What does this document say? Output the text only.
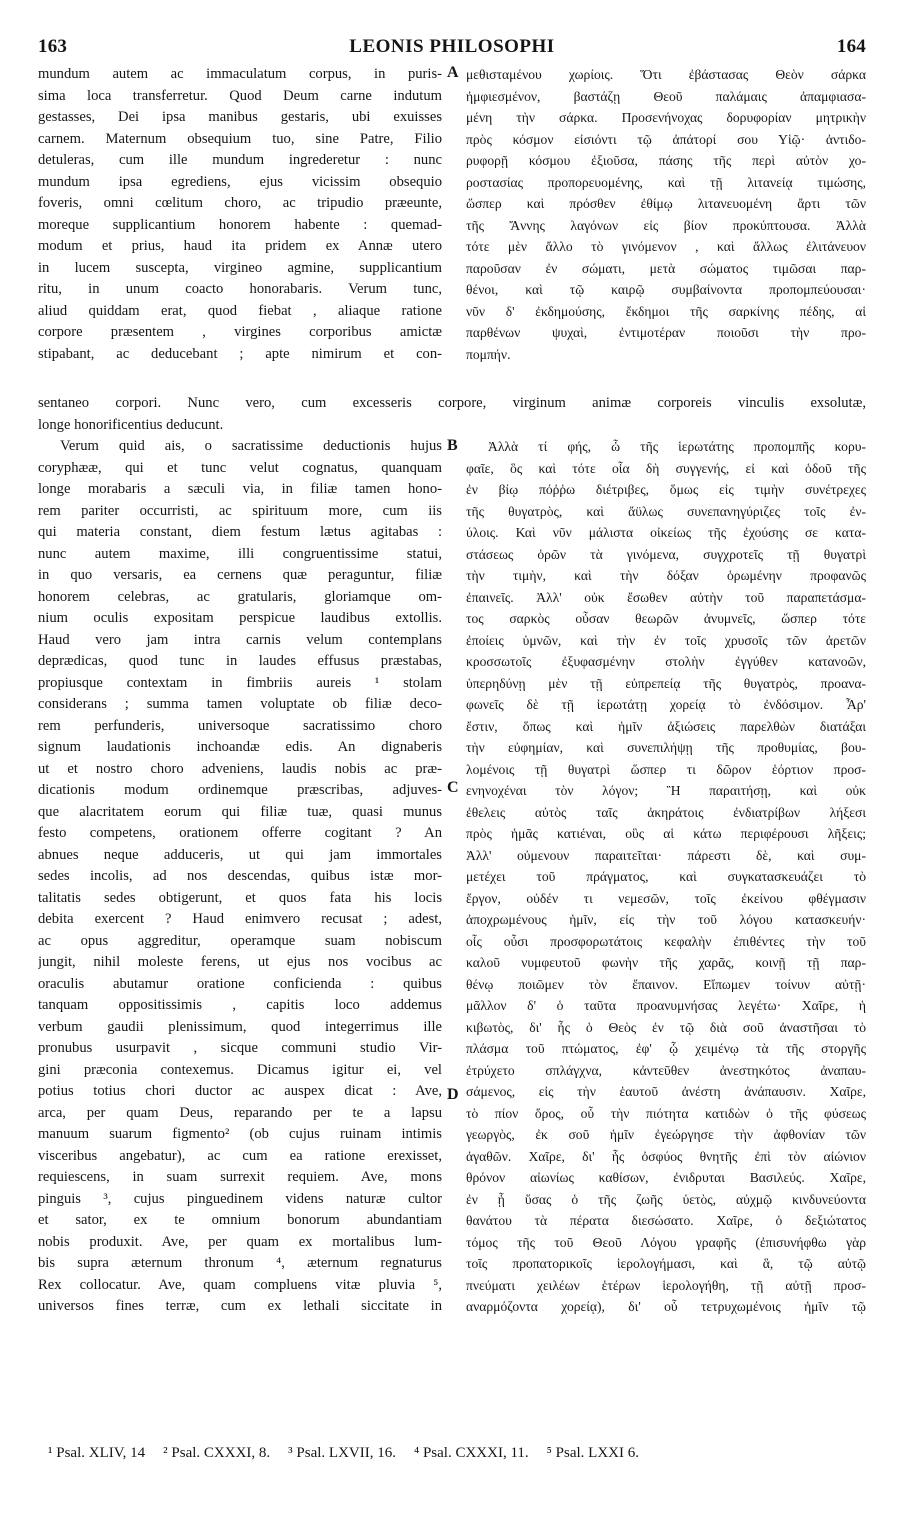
163	LEONIS PHILOSOPHI	164
A
B
C
D
mundum autem ac immaculatum corpus, in puris-
sima loca transferretur. Quod Deum carne indutum
gestasses, Dei ipsa manibus gestaris, ubi exuisses
carnem. Maternum obsequium tuo, sine Patre, Filio
detuleras, cum ille mundum ingrederetur : nunc
mundum ipsa egrediens, ejus vicissim obsequio
foveris, omni cœlitum choro, ac tripudio præeunte,
moreque supplicantium honorem habente : quemad-
modum et prius, haud ita pridem ex Annæ utero
in lucem suscepta, virgineo agmine, supplicantium
ritu, in unum coacto honorabaris. Verum tunc,
aliud quiddam erat, quod fiebat , aliaque ratione
corpore præsentem , virgines corporibus amictæ
stipabant, ac deducebant ; apte nimirum et con-
μεθισταμένου χωρίοις. Ὅτι ἐβάστασας Θεὸν σάρκα
ἠμφιεσμένον, βαστάζῃ Θεοῦ παλάμαις ἀπαμφιασα-
μένη τὴν σάρκα. Προσενήνοχας δορυφορίαν μητρικὴν
πρὸς κόσμον εἰσιόντι τῷ ἀπάτορί σου Υἱῷ· ἀντιδο-
ρυφορῇ κόσμου ἐξιοῦσα, πάσης τῆς περὶ αὐτὸν χο-
ροστασίας προπορευομένης, καὶ τῇ λιτανείᾳ τιμώσης,
ὥσπερ καὶ πρόσθεν ἐθίμῳ λιτανευομένη ἄρτι τῶν
τῆς Ἄννης λαγόνων εἰς βίον προκύπτουσα. Ἀλλὰ
τότε μὲν ἄλλο τὸ γινόμενον , καὶ ἄλλως ἐλιτάνευον
παροῦσαν ἐν σώματι, μετὰ σώματος τιμῶσαι παρ-
θένοι, καὶ τῷ καιρῷ συμβαίνοντα προπομπεύουσαι·
νῦν δ' ἐκδημούσης, ἔκδημοι τῆς σαρκίνης πέδης, αἱ
παρθένων ψυχαὶ, ἐντιμοτέραν ποιοῦσι τὴν προ-
πομπήν.
sentaneo corpori. Nunc vero, cum excesseris corpore, virginum animæ corporeis vinculis exsolutæ,
longe honorificentius deducunt.
Verum quid ais, o sacratissime deductionis hujus
coryphææ, qui et tunc velut cognatus, quanquam
longe morabaris a sæculi via, in filiæ tamen hono-
rem pariter occurristi, ac spirituum more, cum iis
qui materia constant, diem festum lætus agitabas :
nunc autem maxime, illi congruentissime statui,
in quo versaris, ea cernens quæ peraguntur, filiæ
honorem celebras, ac gratularis, gloriamque om-
nium oculis expositam perspicue laudibus extollis.
Haud vero jam intra carnis velum contemplans
deprædicas, quod tunc in laudes effusus præstabas,
propiusque contextam in fimbriis aureis ¹ stolam
considerans ; summa tamen voluptate ob filiæ deco-
rem perfunderis, universoque sacratissimo choro
signum laudationis inchoandæ edis. An dignaberis
ut et nostro choro adveniens, laudis nobis ac præ-
dicationis modum ordinemque præscribas, adjuves-
que alacritatem eorum qui filiæ tuæ, quasi munus
festo competens, orationem offerre cogitant ? An
abnues neque adduceris, ut qui jam immortales
sedes incolis, ad nos descendas, quibus istæ mor-
talitatis sedes obtigerunt, et quos fata his locis
debita exercent ? Haud enimvero recusat ; adest,
ac opus aggreditur, operamque suam nobiscum
jungit, nihil moleste ferens, ut ejus nos vocibus ac
oraculis abutamur oratione conficienda : quibus
tanquam oppositissimis , capitis loco addemus
verbum gaudii plenissimum, quod integerrimus ille
pronubus usurpavit , sicque communi studio Vir-
gini præconia contexemus. Dicamus igitur ei, vel
potius totius chori ductor ac auspex dicat : Ave,
arca, per quam Deus, reparando per te a lapsu
manuum suarum figmento² (ob cujus ruinam intimis
visceribus angebatur), ac cum ea ratione erexisset,
requiescens, in suam surrexit requiem. Ave, mons
pinguis ³, cujus pinguedinem videns naturæ cultor
et sator, ex te omnium bonorum abundantiam
nobis produxit. Ave, per quam ex mortalibus lum-
bis supra æternum thronum ⁴, æternum regnaturus
Rex collocatur. Ave, quam compluens vitæ pluvia ⁵,
universos fines terræ, cum ex lethali siccitate in
Ἀλλὰ τί φής, ὦ τῆς ἱερωτάτης προπομπῆς κορυ-
φαῖε, ὃς καὶ τότε οἷα δὴ συγγενής, εἰ καὶ ὁδοῦ τῆς
ἐν βίῳ πόῤῥω διέτριβες, ὅμως εἰς τιμὴν συνέτρεχες
τῆς θυγατρὸς, καὶ ἄϋλως συνεπανηγύριζες τοῖς ἐν-
ύλοις. Καὶ νῦν μάλιστα οἰκείως τῆς ἐχούσης σε κατα-
στάσεως ὁρῶν τὰ γινόμενα, συγχροτεῖς τῇ θυγατρὶ
τὴν τιμὴν, καὶ τὴν δόξαν ὁρωμένην προφανῶς
ἐπαινεῖς. Ἀλλ' οὐκ ἔσωθεν αὐτὴν τοῦ παραπετάσμα-
τος σαρκὸς οὖσαν θεωρῶν ἀνυμνεῖς, ὥσπερ τότε
ἐποίεις ὑμνῶν, καὶ τὴν ἐν τοῖς χρυσοῖς τῶν ἀρετῶν
κροσσωτοῖς ἐξυφασμένην στολὴν ἐγγύθεν κατανοῶν,
ὑπερηδύνῃ μὲν τῇ εὐπρεπείᾳ τῆς θυγατρὸς, προανα-
φωνεῖς δὲ τῇ ἱερωτάτῃ χορείᾳ τὸ ἐνδόσιμον. Ἆρ'
ἔστιν, ὅπως καὶ ἡμῖν ἀξιώσεις παρελθὼν διατάξαι
τὴν εὐφημίαν, καὶ συνεπιλήψῃ τῆς προθυμίας, βου-
λομένοις τῇ θυγατρὶ ὥσπερ τι δῶρον ἑόρτιον προσ-
ενηνοχέναι τὸν λόγον; Ἢ παραιτήσῃ, καὶ οὐκ
ἐθελεις αὐτὸς ταῖς ἀκηράτοις ἐνδιατρίβων λήξεσι
πρὸς ἡμᾶς κατιέναι, οὓς αἱ κάτω περιφέρουσι λῆξεις;
Ἀλλ' οὐμενουν παραιτεῖται· πάρεστι δὲ, καὶ συμ-
μετέχει τοῦ πράγματος, καὶ συγκατασκευάζει τὸ
ἔργον, οὐδέν τι νεμεσῶν, τοῖς ἐκείνου φθέγμασιν
ἀποχρωμένους ἡμῖν, εἰς τὴν τοῦ λόγου κατασκευήν·
οἷς οὖσι προσφορωτάτοις κεφαλὴν ἐπιθέντες τὴν τοῦ
καλοῦ νυμφευτοῦ φωνὴν τῆς χαρᾶς, κοινῇ τῇ παρ-
θένῳ ποιῶμεν τὸν ἔπαινον. Εἴπωμεν τοίνυν αὐτῇ·
μᾶλλον δ' ὁ ταῦτα προανυμνήσας λεγέτω· Χαῖρε, ἡ
κιβωτὸς, δι' ἧς ὁ Θεὸς ἐν τῷ διὰ σοῦ ἀναστῆσαι τὸ
πλάσμα τοῦ πτώματος, ἐφ' ᾧ χειμένῳ τὰ τῆς στοργῆς
ἐτρύχετο σπλάγχνα, κἀντεῦθεν ἀνεστηκότος ἀναπαυ-
σάμενος, εἰς τὴν ἑαυτοῦ ἀνέστη ἀνάπαυσιν. Χαῖρε,
τὸ πίον ὄρος, οὗ τὴν πιότητα κατιδὼν ὁ τῆς φύσεως
γεωργὸς, ἐκ σοῦ ἡμῖν ἐγεώργησε τὴν ἀφθονίαν τῶν
ἀγαθῶν. Χαῖρε, δι' ἧς ὀσφύος θνητῆς ἐπὶ τὸν αἰώνιον
θρόνον αἰωνίως καθίσων, ἐνιδρυται Βασιλεύς. Χαῖρε,
ἐν ᾗ ὕσας ὁ τῆς ζωῆς ὑετὸς, αὐχμῷ κινδυνεύοντα
θανάτου τὰ πέρατα διεσώσατο. Χαῖρε, ὁ δεξιώτατος
τόμος τῆς τοῦ Θεοῦ Λόγου γραφῆς (ἐπισυνήφθω γὰρ
τοῖς προπατορικοῖς ἱερολογήμασι, καὶ ἃ, τῷ αὐτῷ
πνεύματι χειλέων ἑτέρων ἱερολογήθη, τῇ αὐτῇ προσ-
αναρμόζοντα χορείᾳ), δι' οὗ τετρυχωμένοις ἡμῖν τῷ
¹ Psal. XLIV, 14 ² Psal. CXXXI, 8. ³ Psal. LXVII, 16. ⁴ Psal. CXXXI, 11. ⁵ Psal. LXXI 6.
